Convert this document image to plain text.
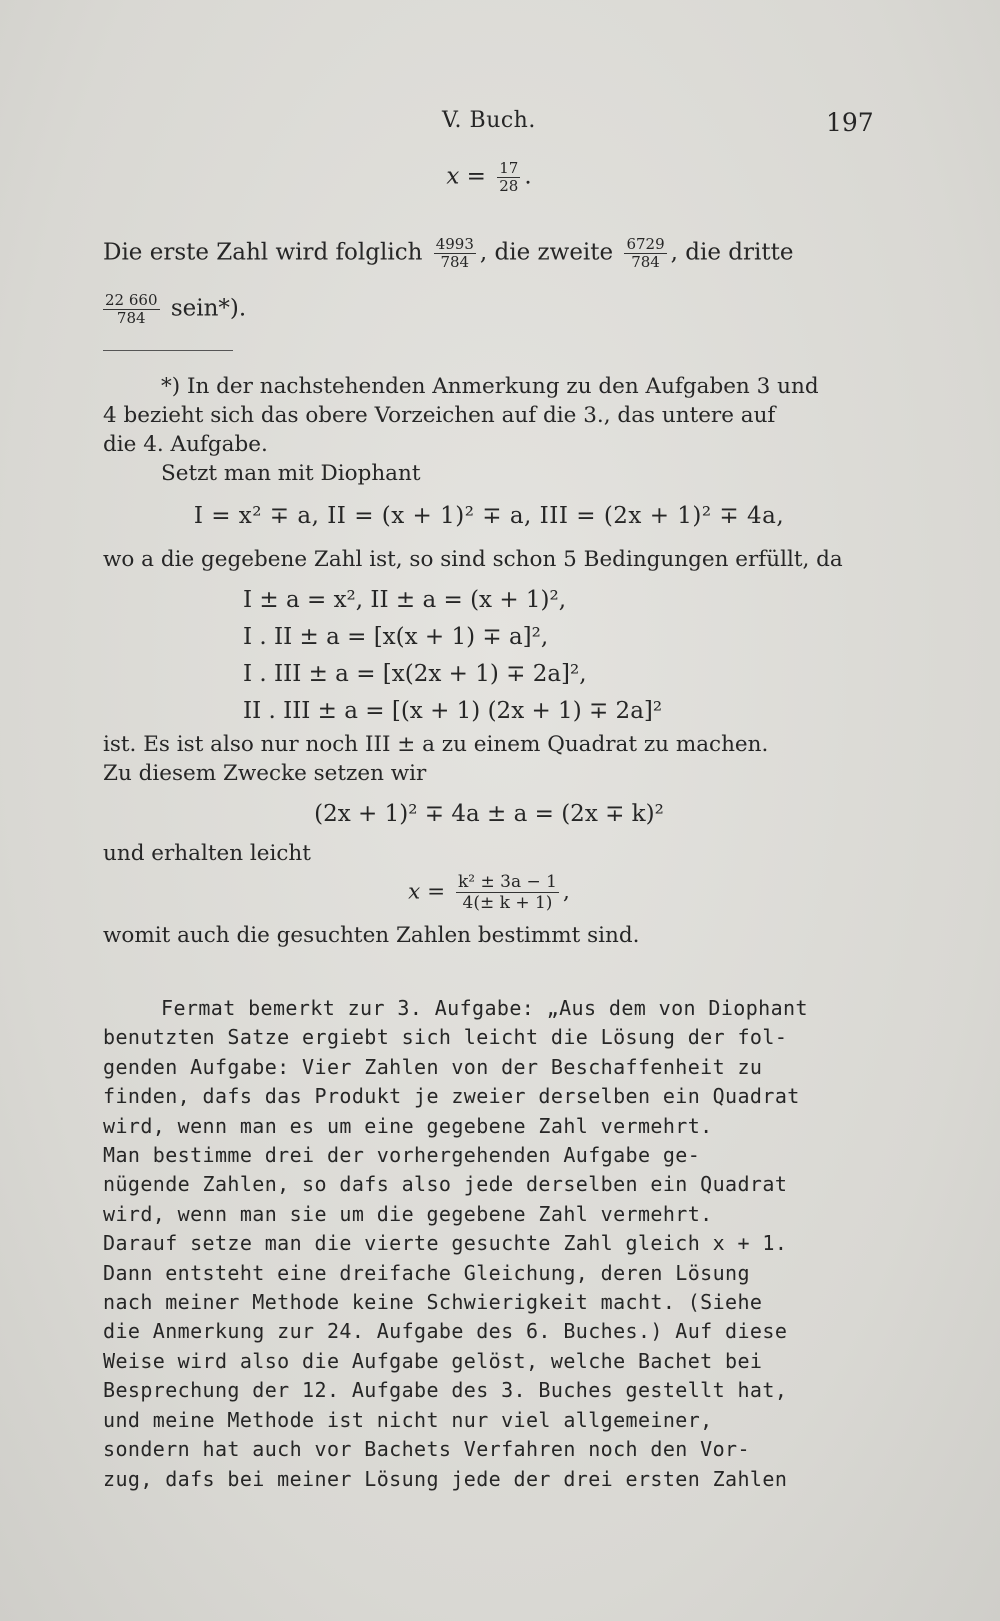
V. Buch.	197
$x = \frac{17}{28}$ .
Die erste Zahl wird folglich $\frac{4993}{784}$ , die zweite $\frac{6729}{784}$ , die dritte
$\frac{22 660}{784}$ sein*).

*) In der nachstehenden Anmerkung zu den Aufgaben 3 und

4 bezieht sich das obere Vorzeichen auf die 3., das untere auf

die 4. Aufgabe.

Setzt man mit Diophant

I = x² ∓ a, II = (x + 1)² ∓ a, III = (2x + 1)² ∓ 4a,

wo a die gegebene Zahl ist, so sind schon 5 Bedingungen erfüllt, da

I ± a = x², II ± a = (x + 1)²,

I . II ± a = [x(x + 1) ∓ a]²,

I . III ± a = [x(2x + 1) ∓ 2a]²,

II . III ± a = [(x + 1) (2x + 1) ∓ 2a]²

ist. Es ist also nur noch III ± a zu einem Quadrat zu machen.

Zu diesem Zwecke setzen wir

(2x + 1)² ∓ 4a ± a = (2x ∓ k)²

und erhalten leicht

$x = \frac{\text{k² ± 3a − 1}}{4(\pm k + 1)}$ ,

womit auch die gesuchten Zahlen bestimmt sind.

Fermat bemerkt zur 3. Aufgabe: „Aus dem von Diophant

benutzten Satze ergiebt sich leicht die Lösung der fol-

genden Aufgabe: Vier Zahlen von der Beschaffenheit zu

finden, dafs das Produkt je zweier derselben ein Quadrat

wird, wenn man es um eine gegebene Zahl vermehrt.

Man bestimme drei der vorhergehenden Aufgabe ge-

nügende Zahlen, so dafs also jede derselben ein Quadrat

wird, wenn man sie um die gegebene Zahl vermehrt.

Darauf setze man die vierte gesuchte Zahl gleich x + 1.

Dann entsteht eine dreifache Gleichung, deren Lösung

nach meiner Methode keine Schwierigkeit macht. (Siehe

die Anmerkung zur 24. Aufgabe des 6. Buches.) Auf diese

Weise wird also die Aufgabe gelöst, welche Bachet bei

Besprechung der 12. Aufgabe des 3. Buches gestellt hat,

und meine Methode ist nicht nur viel allgemeiner,

sondern hat auch vor Bachets Verfahren noch den Vor-

zug, dafs bei meiner Lösung jede der drei ersten Zahlen
